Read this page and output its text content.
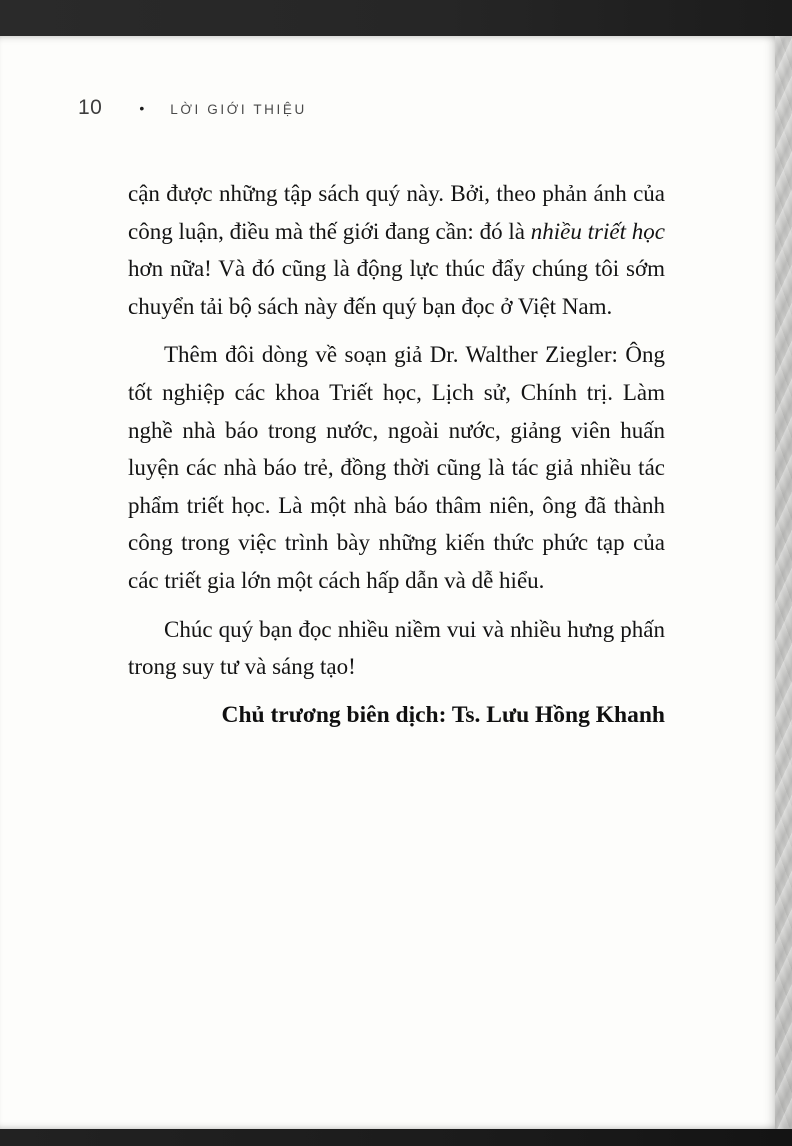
10	• LỜI GIỚI THIỆU

cận được những tập sách quý này. Bởi, theo phản ánh của công luận, điều mà thế giới đang cần: đó là nhiều triết học hơn nữa! Và đó cũng là động lực thúc đẩy chúng tôi sớm chuyển tải bộ sách này đến quý bạn đọc ở Việt Nam.

Thêm đôi dòng về soạn giả Dr. Walther Ziegler: Ông tốt nghiệp các khoa Triết học, Lịch sử, Chính trị. Làm nghề nhà báo trong nước, ngoài nước, giảng viên huấn luyện các nhà báo trẻ, đồng thời cũng là tác giả nhiều tác phẩm triết học. Là một nhà báo thâm niên, ông đã thành công trong việc trình bày những kiến thức phức tạp của các triết gia lớn một cách hấp dẫn và dễ hiểu.

Chúc quý bạn đọc nhiều niềm vui và nhiều hưng phấn trong suy tư và sáng tạo!

Chủ trương biên dịch: Ts. Lưu Hồng Khanh
